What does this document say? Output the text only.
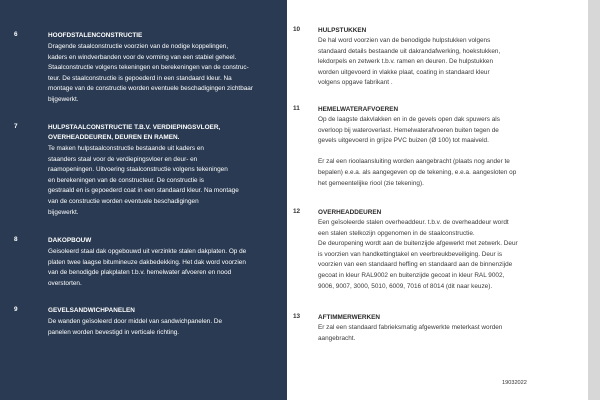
6	HOOFDSTALENCONSTRUCTIE
Dragende staalconstructie voorzien van de nodige koppelingen,
kaders en windverbanden voor de vorming van een stabiel geheel.
Staalconstructie volgens tekeningen en berekeningen van de construc-
teur. De staalconstructie is gepoederd in een standaard kleur. Na
montage van de constructie worden eventuele beschadigingen zichtbaar
bijgewerkt.
7	HULPSTAALCONSTRUCTIE T.B.V. VERDIEPINGSVLOER,
OVERHEADDEUREN, DEUREN EN RAMEN.
Te maken hulpstaalconstructie bestaande uit kaders en
staanders staal voor de verdiepingsvloer en deur- en
raamopeningen. Uitvoering staalconstructie volgens tekeningen
en berekeningen van de constructeur. De constructie is
gestraald en is gepoederd coat in een standaard kleur. Na montage
van de constructie worden eventuele beschadigingen
bijgewerkt.
8	DAKOPBOUW
Geisoleerd staal dak opgebouwd uit verzinkte stalen dakplaten. Op de
platen twee laagse bitumineuze dakbedekking. Het dak word voorzien
van de benodigde plakplaten t.b.v. hemelwater afvoeren en nood
overstorten.
9	GEVELSANDWICHPANELEN
De wanden geïsoleerd door middel van sandwichpanelen. De
panelen worden bevestigd in verticale richting.
10	HULPSTUKKEN
De hal word voorzien van de benodigde hulpstukken volgens
standaard details bestaande uit dakrandafwerking, hoekstukken,
lekdorpels en zetwerk t.b.v. ramen en deuren. De hulpstukken
worden uitgevoerd in vlakke plaat, coating in standaard kleur
volgens opgave fabrikant .
11	HEMELWATERAFVOEREN
Op de laagste dakvlakken en in de gevels open dak spuwers als
overloop bij wateroverlast. Hemelwaterafvoeren buiten tegen de
gevels uitgevoerd in grijze PVC buizen (Ø 100) tot maaiveld.
Er zal een rioolaansluiting worden aangebracht (plaats nog ander te
bepalen) e.e.a. als aangegeven op de tekening, e.e.a. aangesloten op
het gemeentelijke riool (zie tekening).
12	OVERHEADDEUREN
Een geïsoleerde stalen overheaddeur. t.b.v. de overheaddeur wordt
een stalen stelkozijn opgenomen in de staalconstructie.
De deuropening wordt aan de buitenzijde afgewerkt met zetwerk. Deur
is voorzien van handkettingtakel en veerbreukbeveiliging. Deur is
voorzien van een standaard heffing en standaard aan de binnenzijde
gecoat in kleur RAL9002 en buitenzijde gecoat in kleur RAL 9002,
9006, 9007, 3000, 5010, 6009, 7016 of 8014 (dit naar keuze).
13	AFTIMMERWERKEN
Er zal een standaard fabrieksmatig afgewerkte meterkast worden
aangebracht.
19032022
